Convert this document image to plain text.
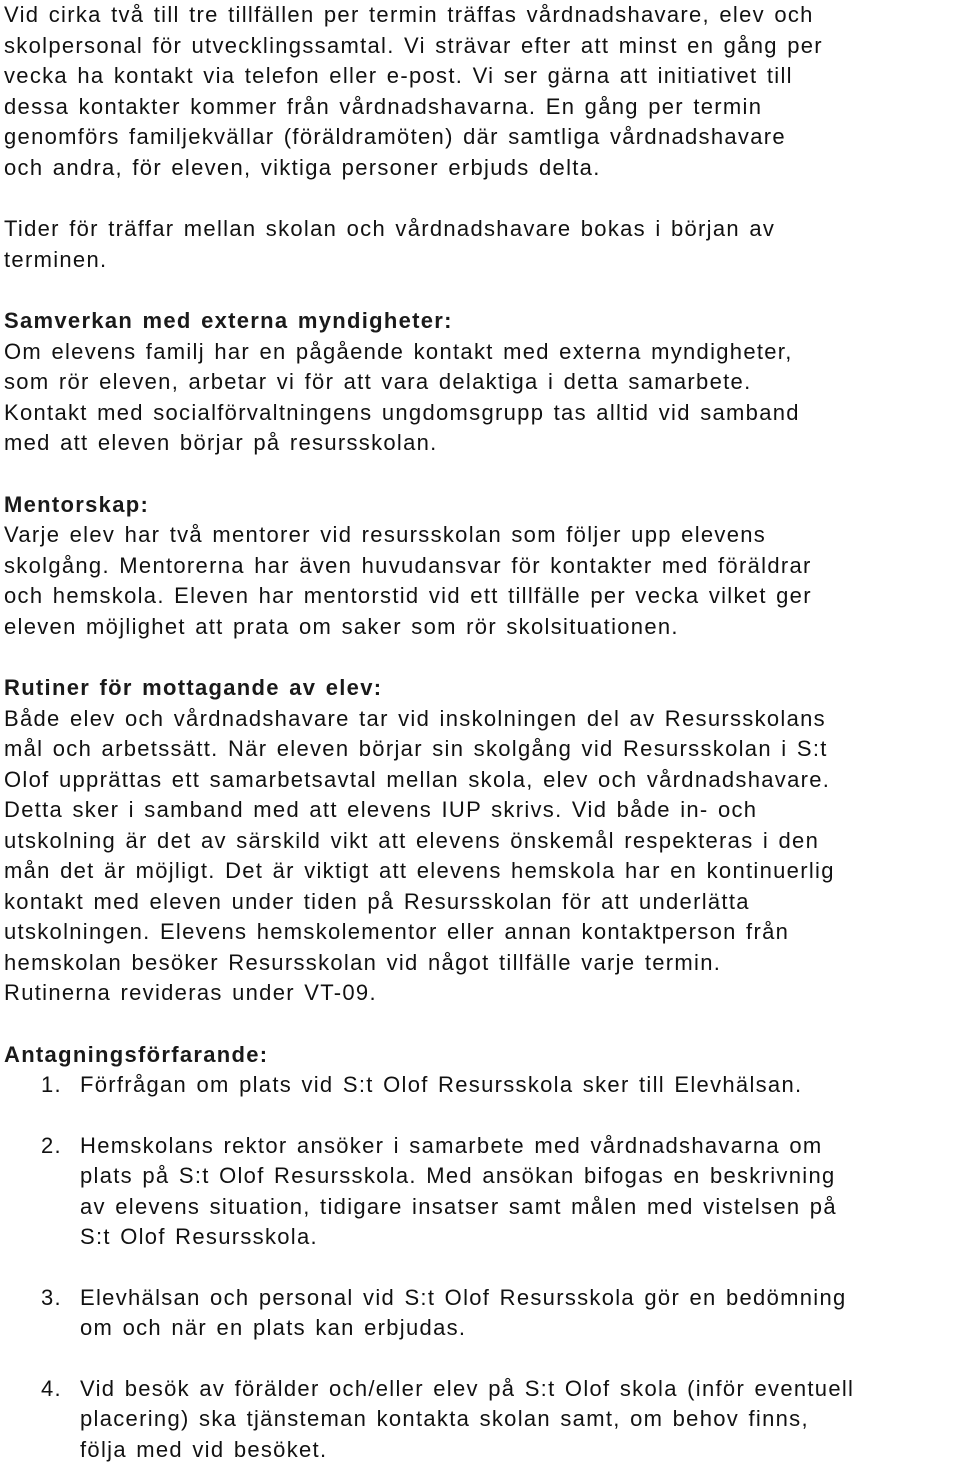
Vid cirka två till tre tillfällen per termin träffas vårdnadshavare, elev och
skolpersonal för utvecklingssamtal. Vi strävar efter att minst en gång per
vecka ha kontakt via telefon eller e-post. Vi ser gärna att initiativet till
dessa kontakter kommer från vårdnadshavarna. En gång per termin
genomförs familjekvällar (föräldramöten) där samtliga vårdnadshavare
och andra, för eleven, viktiga personer erbjuds delta.

Tider för träffar mellan skolan och vårdnadshavare bokas i början av
terminen.

Samverkan med externa myndigheter:
Om elevens familj har en pågående kontakt med externa myndigheter,
som rör eleven, arbetar vi för att vara delaktiga i detta samarbete.
Kontakt med socialförvaltningens ungdomsgrupp tas alltid vid samband
med att eleven börjar på resursskolan.

Mentorskap:
Varje elev har två mentorer vid resursskolan som följer upp elevens
skolgång. Mentorerna har även huvudansvar för kontakter med föräldrar
och hemskola. Eleven har mentorstid vid ett tillfälle per vecka vilket ger
eleven möjlighet att prata om saker som rör skolsituationen.

Rutiner för mottagande av elev:
Både elev och vårdnadshavare tar vid inskolningen del av Resursskolans
mål och arbetssätt. När eleven börjar sin skolgång vid Resursskolan i S:t
Olof upprättas ett samarbetsavtal mellan skola, elev och vårdnadshavare.
Detta sker i samband med att elevens IUP skrivs. Vid både in- och
utskolning är det av särskild vikt att elevens önskemål respekteras i den
mån det är möjligt. Det är viktigt att elevens hemskola har en kontinuerlig
kontakt med eleven under tiden på Resursskolan för att underlätta
utskolningen. Elevens hemskolementor eller annan kontaktperson från
hemskolan besöker Resursskolan vid något tillfälle varje termin.
Rutinerna revideras under VT-09.

Antagningsförfarande:

1. Förfrågan om plats vid S:t Olof Resursskola sker till Elevhälsan.
2. Hemskolans rektor ansöker i samarbete med vårdnadshavarna om
plats på S:t Olof Resursskola. Med ansökan bifogas en beskrivning
av elevens situation, tidigare insatser samt målen med vistelsen på
S:t Olof Resursskola.
3. Elevhälsan och personal vid S:t Olof Resursskola gör en bedömning
om och när en plats kan erbjudas.
4. Vid besök av förälder och/eller elev på S:t Olof skola (inför eventuell
placering) ska tjänsteman kontakta skolan samt, om behov finns,
följa med vid besöket.
